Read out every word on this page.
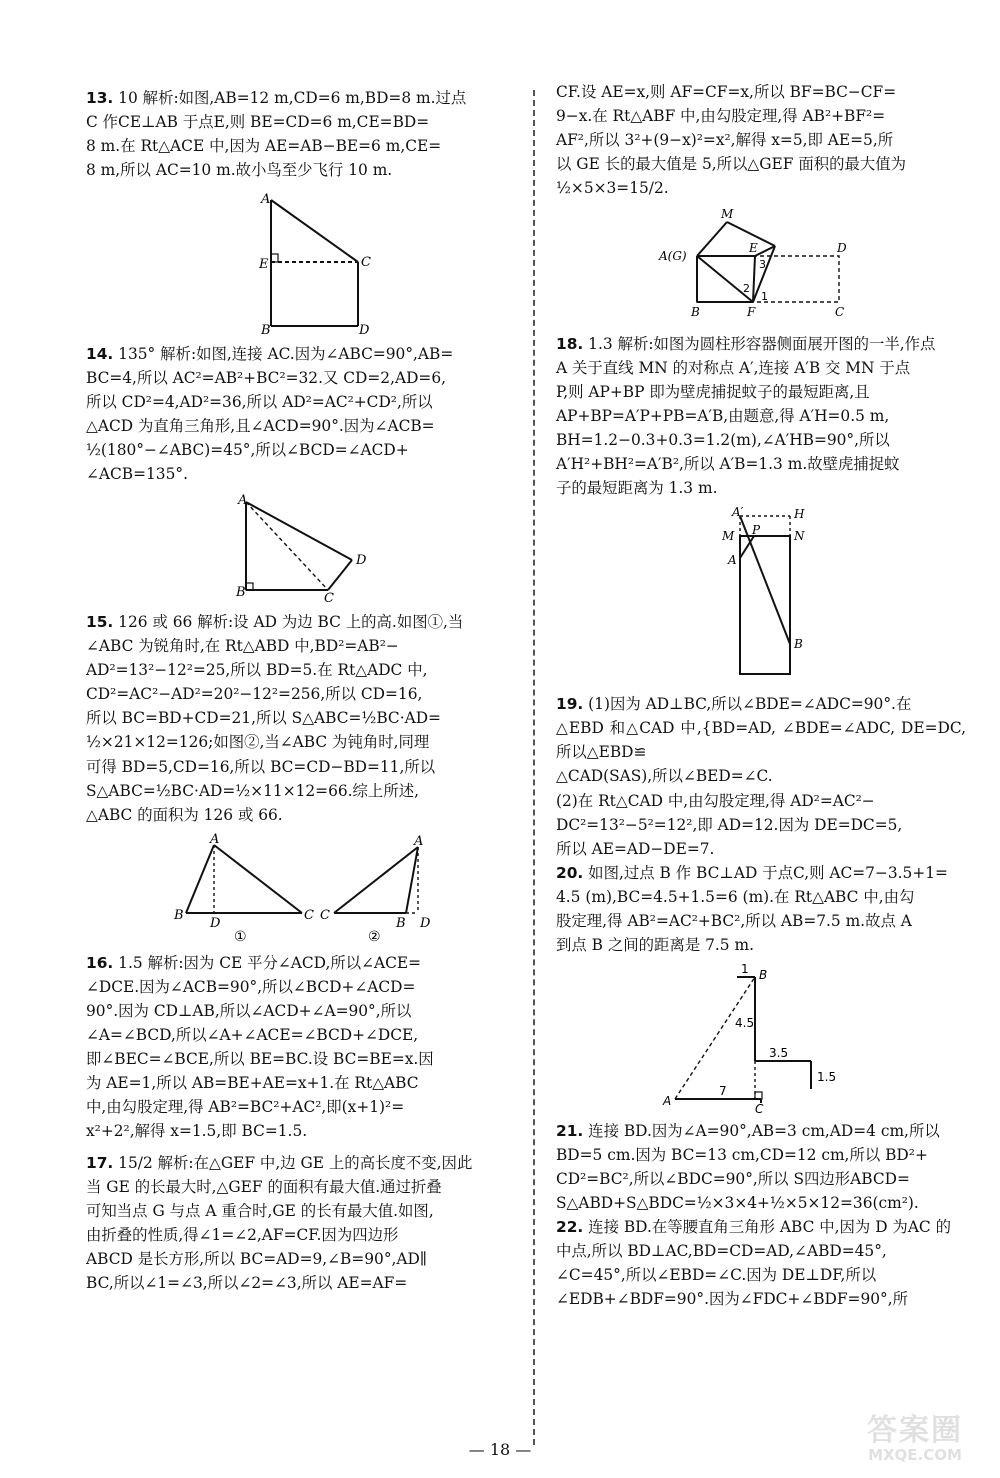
13. 10 解析:如图,AB=12 m,CD=6 m,BD=8 m.过点
C 作CE⊥AB 于点E,则 BE=CD=6 m,CE=BD=
8 m.在 Rt△ACE 中,因为 AE=AB−BE=6 m,CE=
8 m,所以 AC=10 m.故小鸟至少飞行 10 m.
A
E	C
B	D
14. 135° 解析:如图,连接 AC.因为∠ABC=90°,AB=
BC=4,所以 AC²=AB²+BC²=32.又 CD=2,AD=6,
所以 CD²=4,AD²=36,所以 AD²=AC²+CD²,所以
△ACD 为直角三角形,且∠ACD=90°.因为∠ACB=
½(180°−∠ABC)=45°,所以∠BCD=∠ACD+
∠ACB=135°.
A
B	C
D
15. 126 或 66 解析:设 AD 为边 BC 上的高.如图①,当
∠ABC 为锐角时,在 Rt△ABD 中,BD²=AB²−
AD²=13²−12²=25,所以 BD=5.在 Rt△ADC 中,
CD²=AC²−AD²=20²−12²=256,所以 CD=16,
所以 BC=BD+CD=21,所以 S△ABC=½BC·AD=
½×21×12=126;如图②,当∠ABC 为钝角时,同理
可得 BD=5,CD=16,所以 BC=CD−BD=11,所以
S△ABC=½BC·AD=½×11×12=66.综上所述,
△ABC 的面积为 126 或 66.
A
B
D
C
A
C
B D
①	②
16. 1.5 解析:因为 CE 平分∠ACD,所以∠ACE=
∠DCE.因为∠ACB=90°,所以∠BCD+∠ACD=
90°.因为 CD⊥AB,所以∠ACD+∠A=90°,所以
∠A=∠BCD,所以∠A+∠ACE=∠BCD+∠DCE,
即∠BEC=∠BCE,所以 BE=BC.设 BC=BE=x.因
为 AE=1,所以 AB=BE+AE=x+1.在 Rt△ABC
中,由勾股定理,得 AB²=BC²+AC²,即(x+1)²=
x²+2²,解得 x=1.5,即 BC=1.5.
17. 15/2 解析:在△GEF 中,边 GE 上的高长度不变,因此
当 GE 的长最大时,△GEF 的面积有最大值.通过折叠
可知当点 G 与点 A 重合时,GE 的长有最大值.如图,
由折叠的性质,得∠1=∠2,AF=CF.因为四边形
ABCD 是长方形,所以 BC=AD=9,∠B=90°,AD∥
BC,所以∠1=∠3,所以∠2=∠3,所以 AE=AF=
CF.设 AE=x,则 AF=CF=x,所以 BF=BC−CF=
9−x.在 Rt△ABF 中,由勾股定理,得 AB²+BF²=
AF²,所以 3²+(9−x)²=x²,解得 x=5,即 AE=5,所
以 GE 长的最大值是 5,所以△GEF 面积的最大值为
½×5×3=15/2.
M
A(G)
E	D
B	F	C
1
2
3
18. 1.3 解析:如图为圆柱形容器侧面展开图的一半,作点
A 关于直线 MN 的对称点 A′,连接 A′B 交 MN 于点
P,则 AP+BP 即为壁虎捕捉蚊子的最短距离,且
AP+BP=A′P+PB=A′B,由题意,得 A′H=0.5 m,
BH=1.2−0.3+0.3=1.2(m),∠A′HB=90°,所以
A′H²+BH²=A′B²,所以 A′B=1.3 m.故壁虎捕捉蚊
子的最短距离为 1.3 m.
A′	H
M P	N
A
B
19. (1)因为 AD⊥BC,所以∠BDE=∠ADC=90°.在
△EBD 和△CAD 中,{BD=AD, ∠BDE=∠ADC, DE=DC,所以△EBD≌
△CAD(SAS),所以∠BED=∠C.
(2)在 Rt△CAD 中,由勾股定理,得 AD²=AC²−
DC²=13²−5²=12²,即 AD=12.因为 DE=DC=5,
所以 AE=AD−DE=7.
20. 如图,过点 B 作 BC⊥AD 于点C,则 AC=7−3.5+1=
4.5 (m),BC=4.5+1.5=6 (m).在 Rt△ABC 中,由勾
股定理,得 AB²=AC²+BC²,所以 AB=7.5 m.故点 A
到点 B 之间的距离是 7.5 m.
1 B
4.5
3.5
1.5
7
A
C
21. 连接 BD.因为∠A=90°,AB=3 cm,AD=4 cm,所以
BD=5 cm.因为 BC=13 cm,CD=12 cm,所以 BD²+
CD²=BC²,所以∠BDC=90°,所以 S四边形ABCD=
S△ABD+S△BDC=½×3×4+½×5×12=36(cm²).
22. 连接 BD.在等腰直角三角形 ABC 中,因为 D 为AC 的
中点,所以 BD⊥AC,BD=CD=AD,∠ABD=45°,
∠C=45°,所以∠EBD=∠C.因为 DE⊥DF,所以
∠EDB+∠BDF=90°.因为∠FDC+∠BDF=90°,所
— 18 —
答案圈
MXQE.COM
